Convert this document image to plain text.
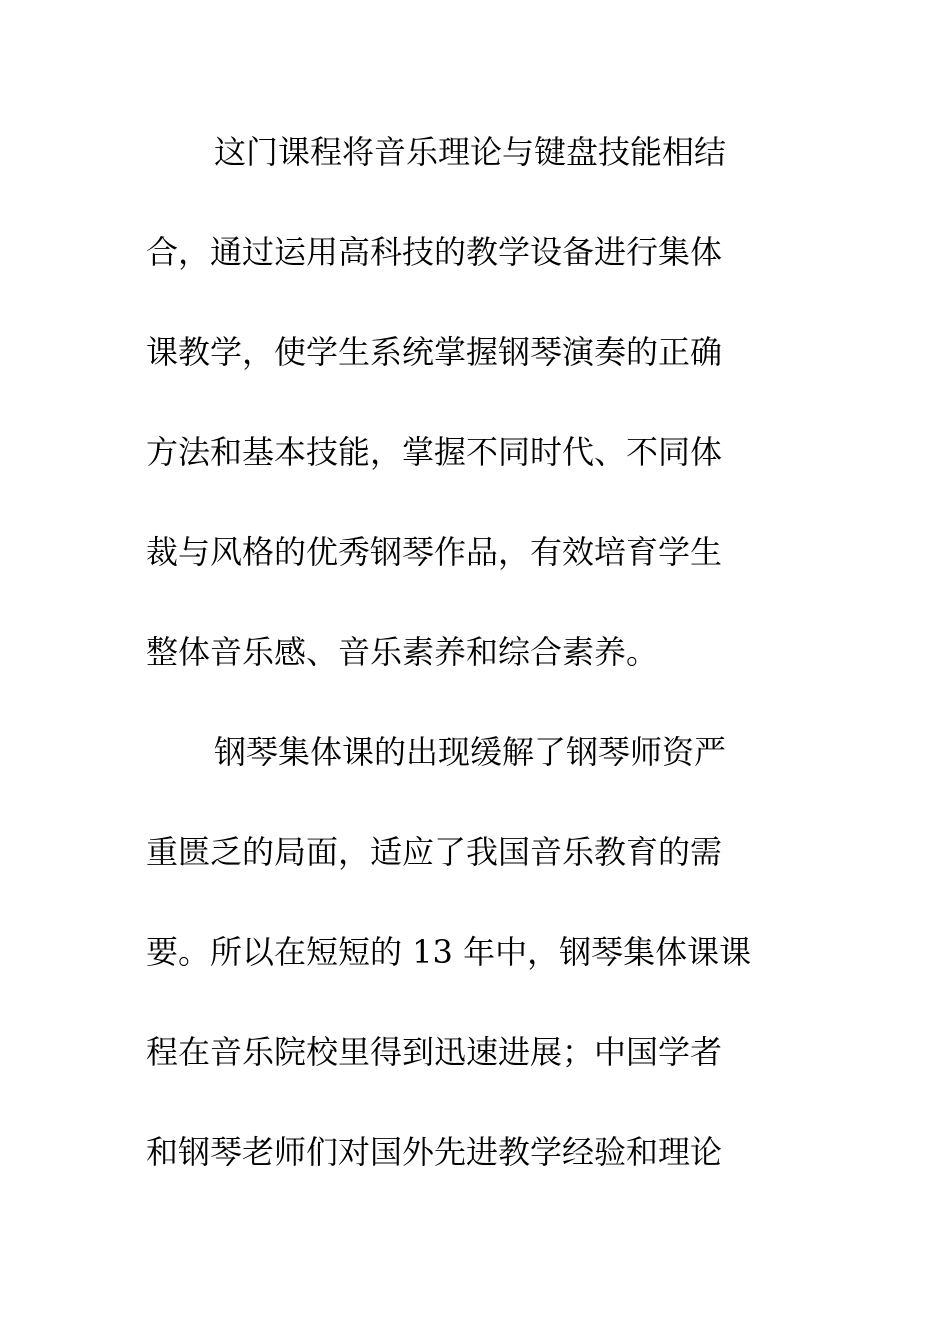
这门课程将音乐理论与键盘技能相结
合，通过运用高科技的教学设备进行集体
课教学，使学生系统掌握钢琴演奏的正确
方法和基本技能，掌握不同时代、不同体
裁与风格的优秀钢琴作品，有效培育学生
整体音乐感、音乐素养和综合素养。
钢琴集体课的出现缓解了钢琴师资严
重匮乏的局面，适应了我国音乐教育的需
要。所以在短短的 13 年中，钢琴集体课课
程在音乐院校里得到迅速进展；中国学者
和钢琴老师们对国外先进教学经验和理论
